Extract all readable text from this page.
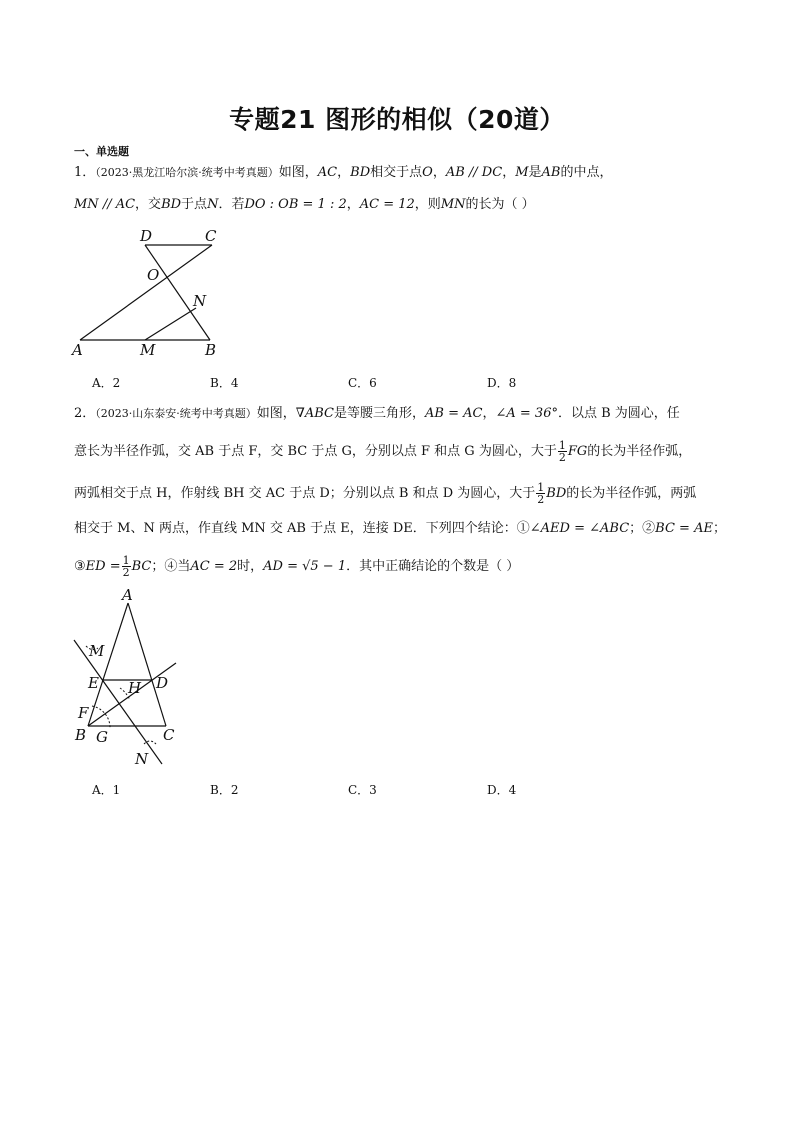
专题21 图形的相似（20道）
一、单选题
1．（2023·黑龙江哈尔滨·统考中考真题）如图，AC，BD相交于点O，AB // DC，M是AB的中点，
MN // AC，交BD于点N．若DO : OB = 1 : 2，AC = 12，则MN的长为（ ）
D	C
O
N
A	M	B
A．2	B．4	C．6	D．8
2．（2023·山东泰安·统考中考真题）如图，∇ABC是等腰三角形，AB = AC，∠A = 36°．以点 B 为圆心，任
意长为半径作弧，交 AB 于点 F，交 BC 于点 G，分别以点 F 和点 G 为圆心，大于 $\frac{1}{2}$ FG的长为半径作弧，
两弧相交于点 H，作射线 BH 交 AC 于点 D；分别以点 B 和点 D 为圆心，大于 $\frac{1}{2}$ BD的长为半径作弧，两弧
相交于 M、N 两点，作直线 MN 交 AB 于点 E，连接 DE．下列四个结论：①∠AED = ∠ABC；②BC = AE；
③ED = $\frac{1}{2}$ BC；④当AC = 2时，AD = √5 − 1．其中正确结论的个数是（ ）
A
M
E H D
F
B G	C
N
A．1	B．2	C．3	D．4
